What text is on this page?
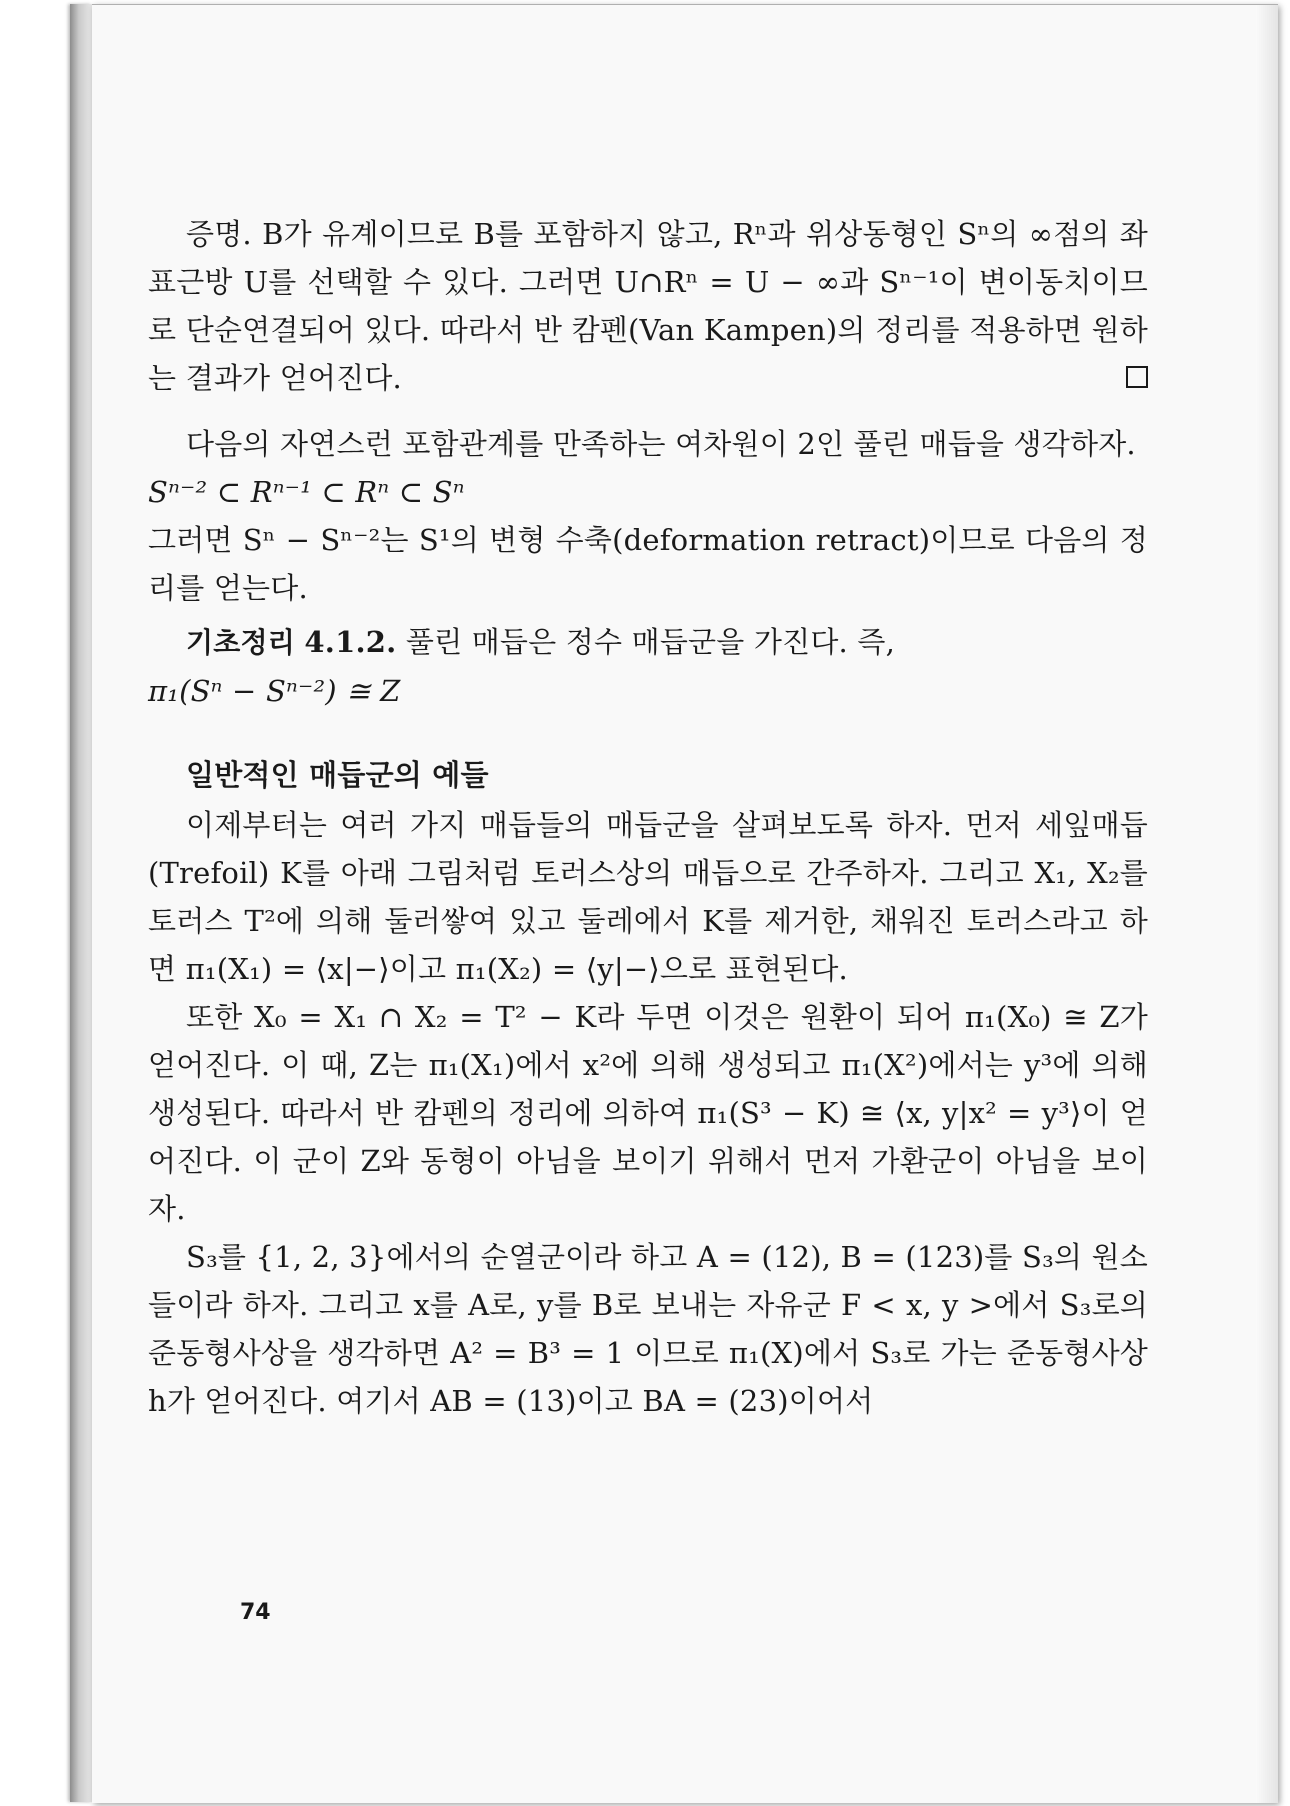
증명. B가 유계이므로 B를 포함하지 않고, Rⁿ과 위상동형인 Sⁿ의 ∞점의 좌표근방 U를 선택할 수 있다. 그러면 U∩Rⁿ = U − ∞과 Sⁿ⁻¹이 변이동치이므로 단순연결되어 있다. 따라서 반 캄펜(Van Kampen)의 정리를 적용하면 원하는 결과가 얻어진다.

다음의 자연스런 포함관계를 만족하는 여차원이 2인 풀린 매듭을 생각하자.

Sⁿ⁻² ⊂ Rⁿ⁻¹ ⊂ Rⁿ ⊂ Sⁿ

그러면 Sⁿ − Sⁿ⁻²는 S¹의 변형 수축(deformation retract)이므로 다음의 정리를 얻는다.

기초정리 4.1.2. 풀린 매듭은 정수 매듭군을 가진다. 즉,

π₁(Sⁿ − Sⁿ⁻²) ≅ Z

일반적인 매듭군의 예들

이제부터는 여러 가지 매듭들의 매듭군을 살펴보도록 하자. 먼저 세잎매듭 (Trefoil) K를 아래 그림처럼 토러스상의 매듭으로 간주하자. 그리고 X₁, X₂를 토러스 T²에 의해 둘러쌓여 있고 둘레에서 K를 제거한, 채워진 토러스라고 하면 π₁(X₁) = ⟨x|−⟩이고 π₁(X₂) = ⟨y|−⟩으로 표현된다.

또한 X₀ = X₁ ∩ X₂ = T² − K라 두면 이것은 원환이 되어 π₁(X₀) ≅ Z가 얻어진다. 이 때, Z는 π₁(X₁)에서 x²에 의해 생성되고 π₁(X²)에서는 y³에 의해 생성된다. 따라서 반 캄펜의 정리에 의하여 π₁(S³ − K) ≅ ⟨x, y|x² = y³⟩이 얻어진다. 이 군이 Z와 동형이 아님을 보이기 위해서 먼저 가환군이 아님을 보이자.

S₃를 {1, 2, 3}에서의 순열군이라 하고 A = (12), B = (123)를 S₃의 원소들이라 하자. 그리고 x를 A로, y를 B로 보내는 자유군 F < x, y >에서 S₃로의 준동형사상을 생각하면 A² = B³ = 1 이므로 π₁(X)에서 S₃로 가는 준동형사상 h가 얻어진다. 여기서 AB = (13)이고 BA = (23)이어서

74
